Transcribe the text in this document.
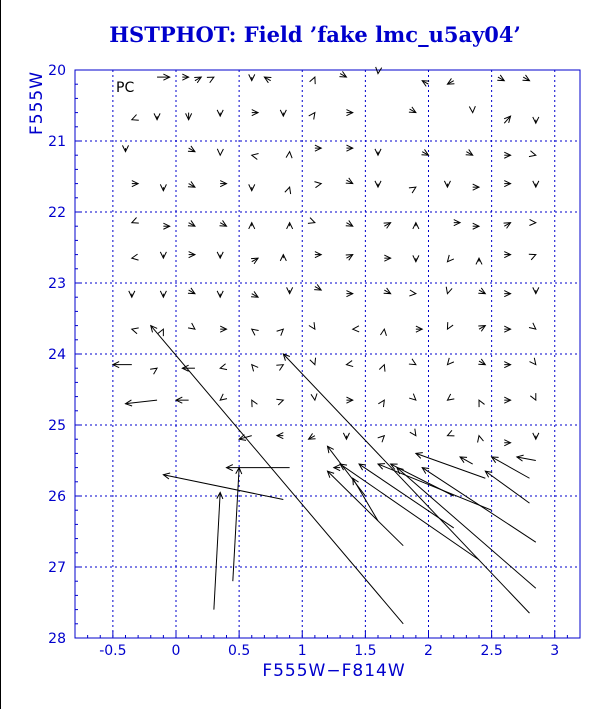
HSTPHOT: Field ’fake lmc_u5ay04’
-0.5	0	0.5	1	1.5	2	2.5	3
20
21
22
23
24
25
26
27
28
PC
F555W−F814W
F555W
